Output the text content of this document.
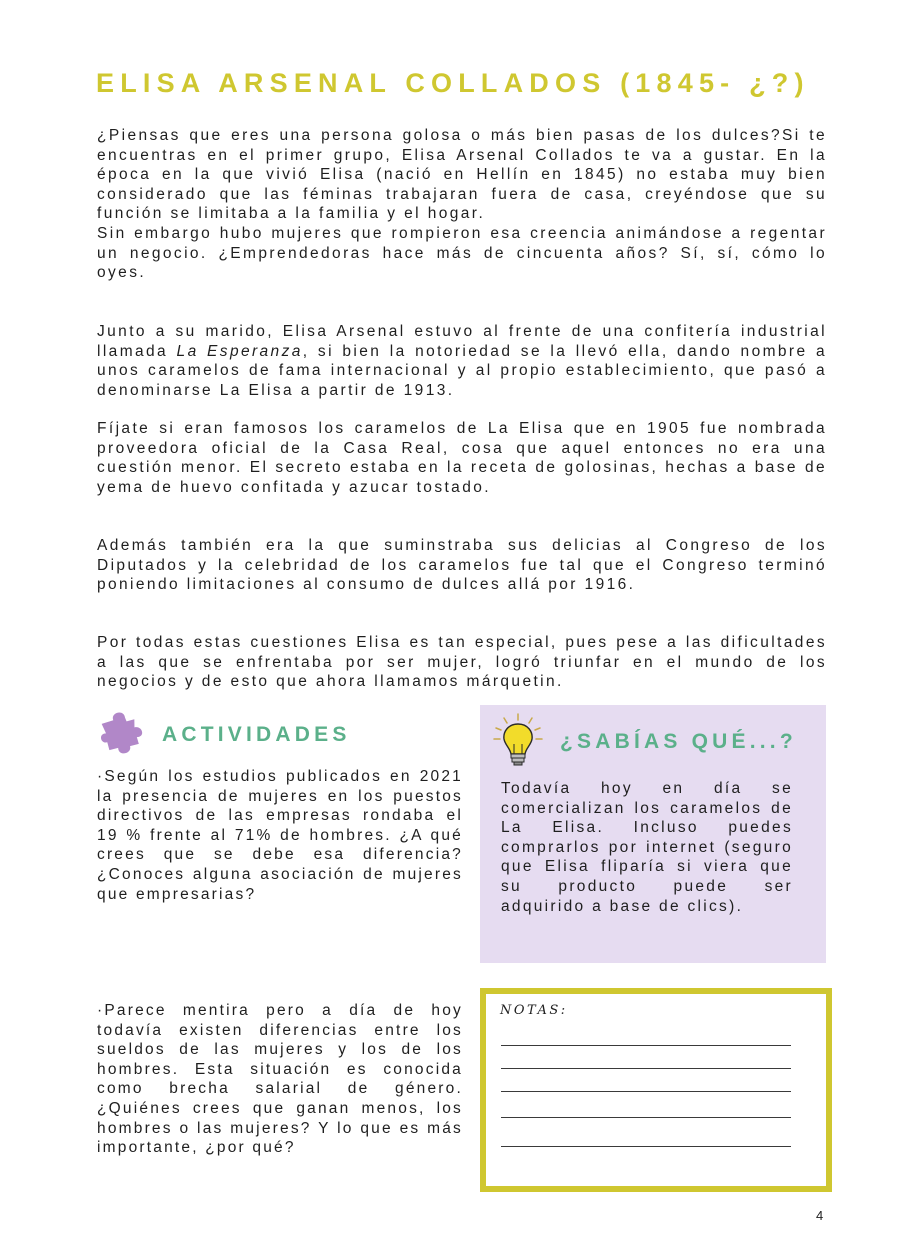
ELISA ARSENAL COLLADOS (1845- ¿?)

¿Piensas que eres una persona golosa o más bien pasas de los dulces?Si te encuentras en el primer grupo, Elisa Arsenal Collados te va a gustar. En la época en la que vivió Elisa (nació en Hellín en 1845) no estaba muy bien considerado que las féminas trabajaran fuera de casa, creyéndose que su función se limitaba a la familia y el hogar.
Sin embargo hubo mujeres que rompieron esa creencia animándose a regentar un negocio. ¿Emprendedoras hace más de cincuenta años? Sí, sí, cómo lo oyes.

Junto a su marido, Elisa Arsenal estuvo al frente de una confitería industrial llamada La Esperanza, si bien la notoriedad se la llevó ella, dando nombre a unos caramelos de fama internacional y al propio establecimiento, que pasó a denominarse La Elisa a partir de 1913.

Fíjate si eran famosos los caramelos de La Elisa que en 1905 fue nombrada proveedora oficial de la Casa Real, cosa que aquel entonces no era una cuestión menor. El secreto estaba en la receta de golosinas, hechas a base de yema de huevo confitada y azucar tostado.

Además también era la que suminstraba sus delicias al Congreso de los Diputados y la celebridad de los caramelos fue tal que el Congreso terminó poniendo limitaciones al consumo de dulces allá por 1916.

Por todas estas cuestiones Elisa es tan especial, pues pese a las dificultades a las que se enfrentaba por ser mujer, logró triunfar en el mundo de los negocios y de esto que ahora llamamos márquetin.

ACTIVIDADES

·Según los estudios publicados en 2021 la presencia de mujeres en los puestos directivos de las empresas rondaba el 19 % frente al 71% de hombres. ¿A qué crees que se debe esa diferencia? ¿Conoces alguna asociación de mujeres que empresarias?

·Parece mentira pero a día de hoy todavía existen diferencias entre los sueldos de las mujeres y los de los hombres. Esta situación es conocida como brecha salarial de género. ¿Quiénes crees que ganan menos, los hombres o las mujeres? Y lo que es más importante, ¿por qué?

¿SABÍAS QUÉ...?

Todavía hoy en día se comercializan los caramelos de La Elisa. Incluso puedes comprarlos por internet (seguro que Elisa fliparía si viera que su producto puede ser adquirido a base de clics).

NOTAS:

4
